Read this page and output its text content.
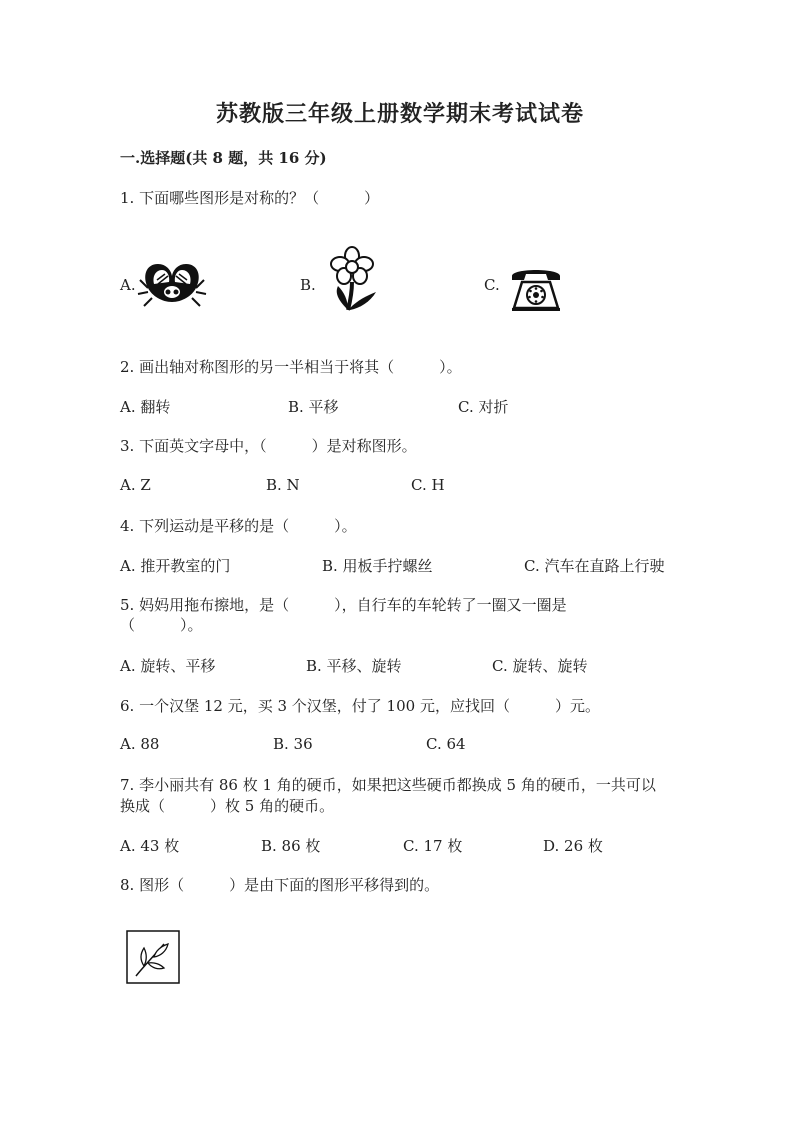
苏教版三年级上册数学期末考试试卷
一.选择题(共 8 题，共 16 分)
1. 下面哪些图形是对称的？（　　　）
A.	B.	C.
2. 画出轴对称图形的另一半相当于将其（　　　）。
A. 翻转	B. 平移	C. 对折
3. 下面英文字母中，（　　　）是对称图形。
A. Z	B. N	C. H
4. 下列运动是平移的是（　　　）。
A. 推开教室的门	B. 用板手拧螺丝	C. 汽车在直路上行驶
5. 妈妈用拖布擦地，是（　　　），自行车的车轮转了一圈又一圈是
（　　　）。
A. 旋转、平移	B. 平移、旋转	C. 旋转、旋转
6. 一个汉堡 12 元，买 3 个汉堡，付了 100 元，应找回（　　　）元。
A. 88	B. 36	C. 64
7. 李小丽共有 86 枚 1 角的硬币，如果把这些硬币都换成 5 角的硬币，一共可以
换成（　　　）枚 5 角的硬币。
A. 43 枚	B. 86 枚	C. 17 枚	D. 26 枚
8. 图形（　　　）是由下面的图形平移得到的。
